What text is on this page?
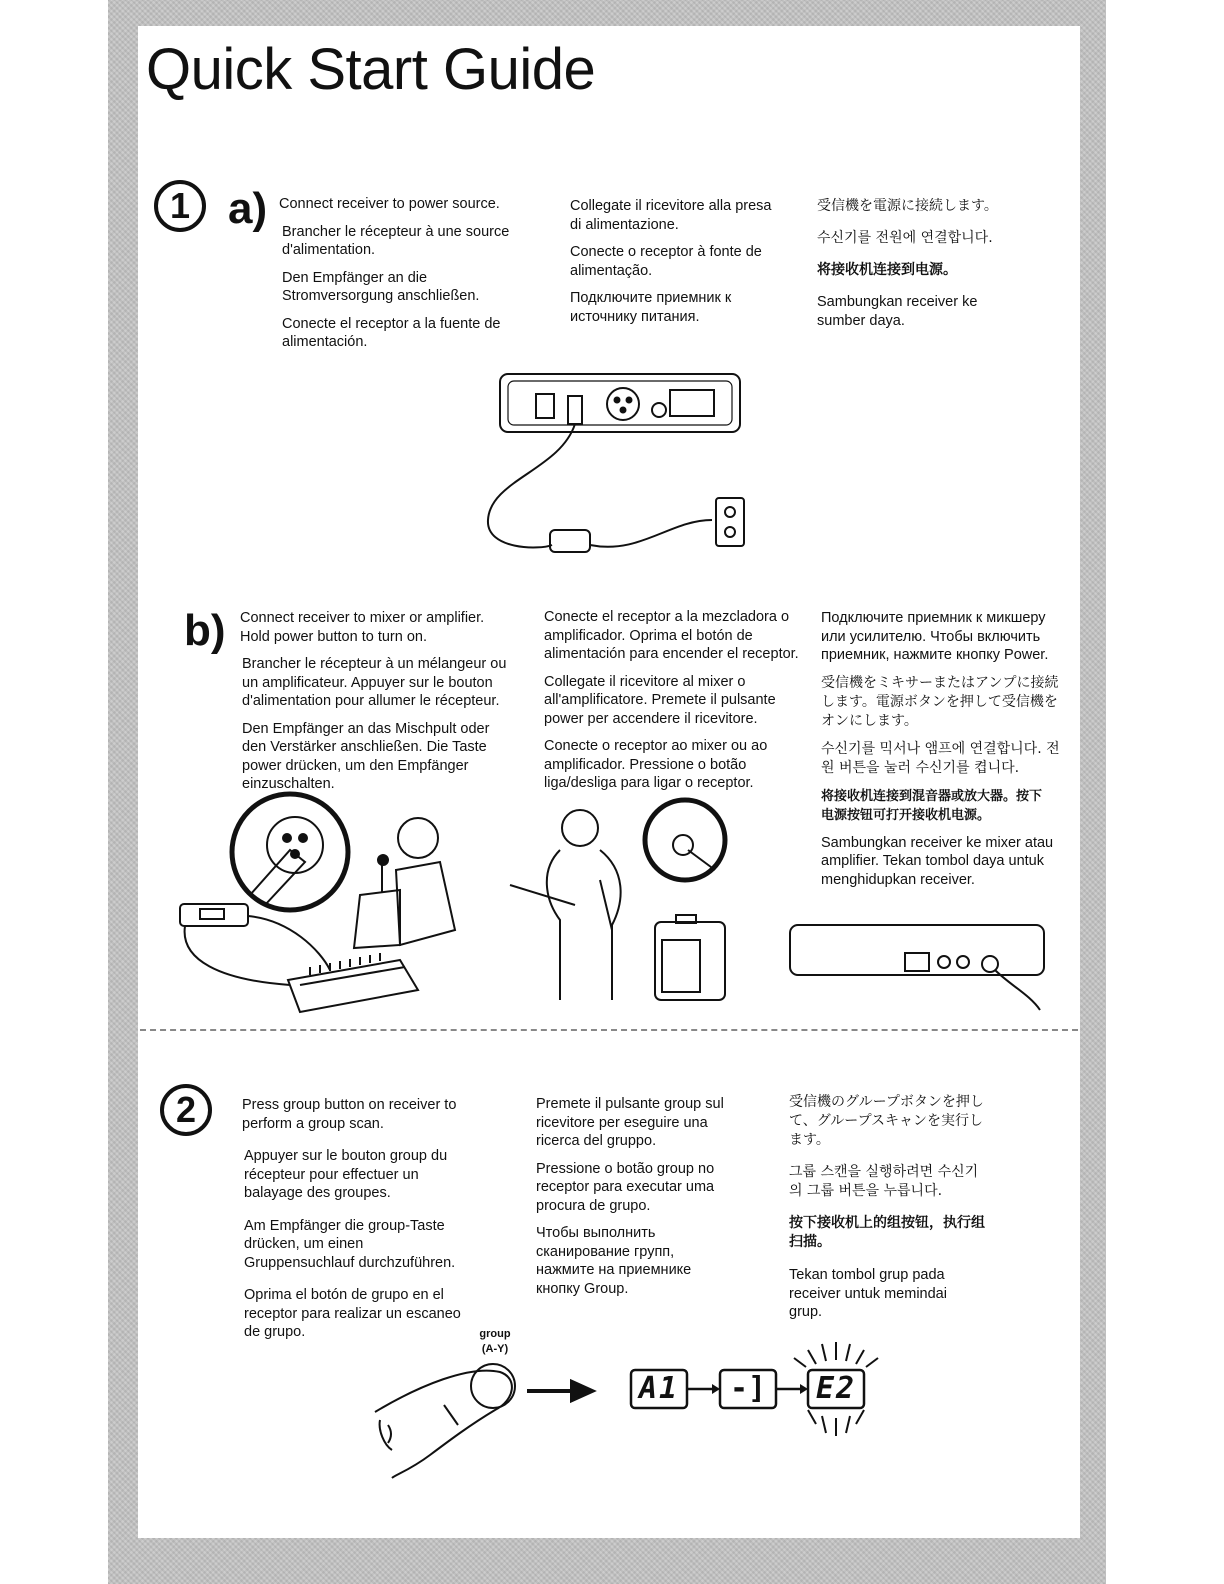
Quick Start Guide
1 a) Connect receiver to power source.

Brancher le récepteur à une source d'alimentation.

Den Empfänger an die Stromversorgung anschließen.

Conecte el receptor a la fuente de alimentación.

Collegate il ricevitore alla presa di alimentazione.

Conecte o receptor à fonte de alimentação.

Подключите приемник к источнику питания.

受信機を電源に接続します。

수신기를 전원에 연결합니다.

将接收机连接到电源。

Sambungkan receiver ke sumber daya.

b) Connect receiver to mixer or amplifier. Hold power button to turn on.

Brancher le récepteur à un mélangeur ou un amplificateur. Appuyer sur le bouton d'alimentation pour allumer le récepteur.

Den Empfänger an das Mischpult oder den Verstärker anschließen. Die Taste power drücken, um den Empfänger einzuschalten.

Conecte el receptor a la mezcladora o amplificador. Oprima el botón de alimentación para encender el receptor.

Collegate il ricevitore al mixer o all'amplificatore. Premete il pulsante power per accendere il ricevitore.

Conecte o receptor ao mixer ou ao amplificador. Pressione o botão liga/desliga para ligar o receptor.

Подключите приемник к микшеру или усилителю. Чтобы включить приемник, нажмите кнопку Power.

受信機をミキサーまたはアンプに接続します。電源ボタンを押して受信機をオンにします。

수신기를 믹서나 앰프에 연결합니다. 전원 버튼을 눌러 수신기를 켭니다.

将接收机连接到混音器或放大器。按下电源按钮可打开接收机电源。

Sambungkan receiver ke mixer atau amplifier. Tekan tombol daya untuk menghidupkan receiver.

2	Press group button on receiver to perform a group scan.

Appuyer sur le bouton group du récepteur pour effectuer un balayage des groupes.

Am Empfänger die group-Taste drücken, um einen Gruppensuchlauf durchzuführen.

Oprima el botón de grupo en el receptor para realizar un escaneo de grupo.

Premete il pulsante group sul ricevitore per eseguire una ricerca del gruppo.

Pressione o botão group no receptor para executar uma procura de grupo.

Чтобы выполнить сканирование групп, нажмите на приемнике кнопку Group.

受信機のグループボタンを押して、グループスキャンを実行します。

그룹 스캔을 실행하려면 수신기의 그룹 버튼을 누릅니다.

按下接收机上的组按钮，执行组扫描。

Tekan tombol grup pada receiver untuk memindai grup.

group
(A-Y)
A1	-]	E2
